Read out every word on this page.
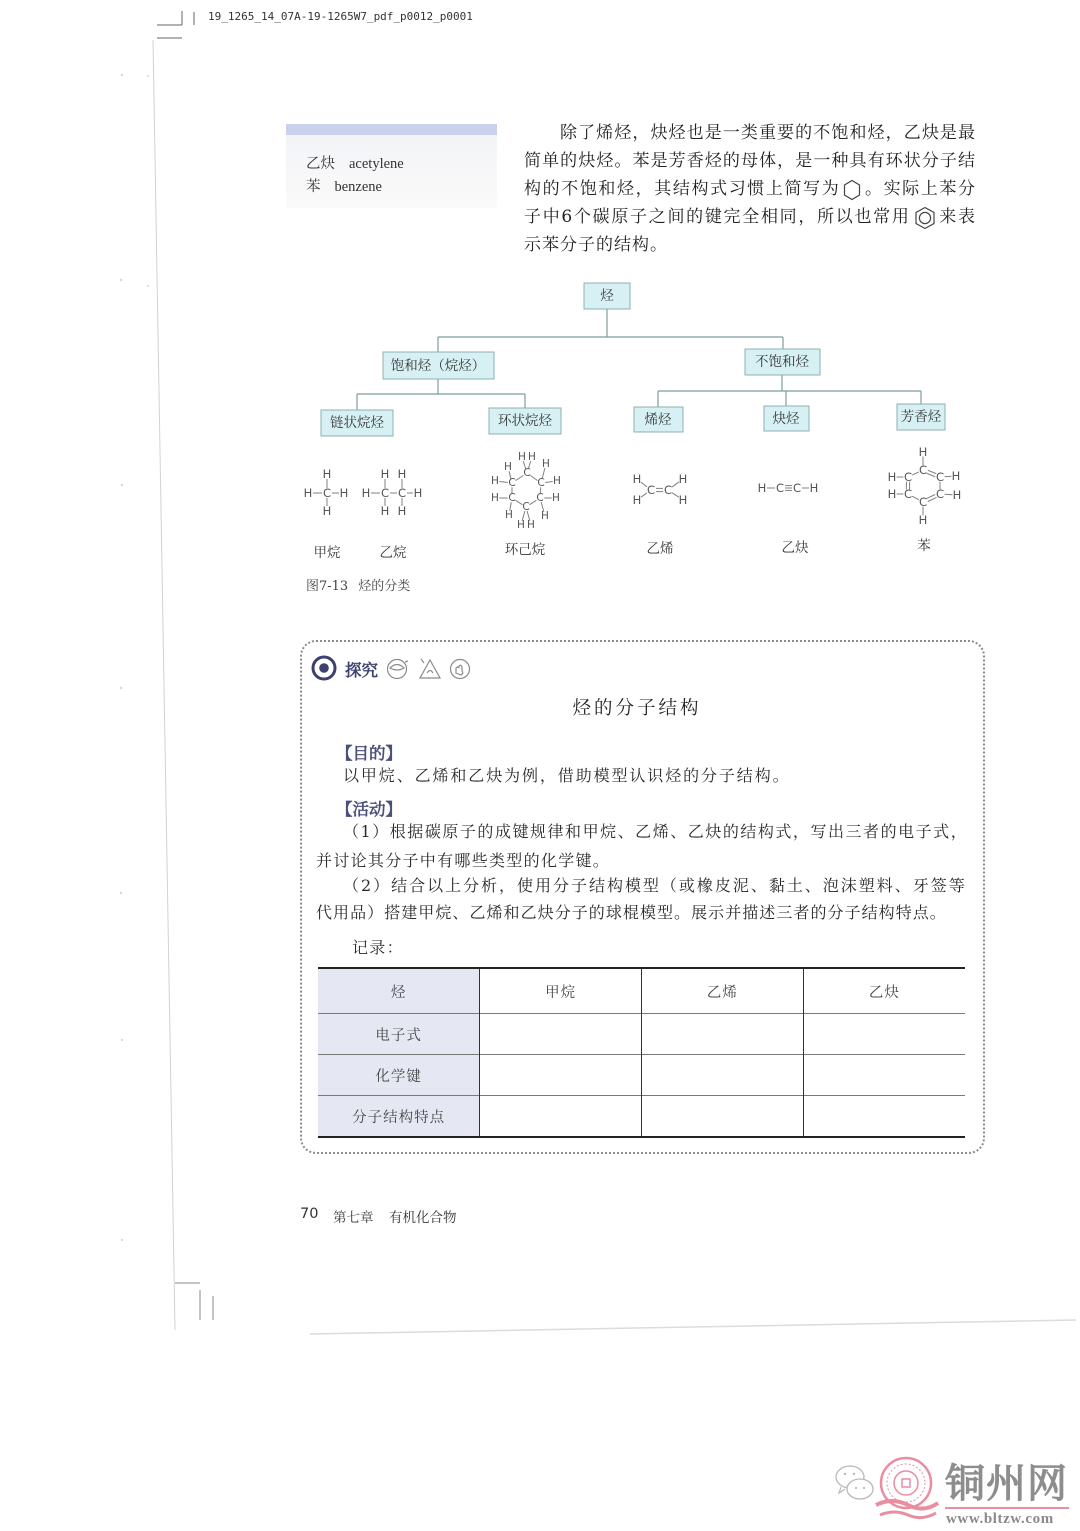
19_1265_14_07A-19-1265W7_pdf_p0012_p0001
乙炔 acetylene
苯 benzene
除了烯烃，炔烃也是一类重要的不饱和烃，乙炔是最
简单的炔烃。苯是芳香烃的母体，是一种具有环状分子结
构的不饱和烃，其结构式习惯上简写为 。实际上苯分
子中6个碳原子之间的键完全相同，所以也常用 来表
示苯分子的结构。
烃
饱和烃（烷烃）	不饱和烃
链状烷烃	环状烷烃	烯烃	炔烃	芳香烃
H
H C H
H
H H
H C C H
H H
C
C C
C C
C
H H
H
H
H
H
H
H
H
H
H H
H
H
C C
H
H
H C C H
C
C C
C C
C
H
H	H
H	H
H
甲烷	乙烷	环己烷	乙烯	乙炔	苯
图7-13 烃的分类
探究
烃的分子结构
【目的】
以甲烷、乙烯和乙炔为例，借助模型认识烃的分子结构。
【活动】
（1）根据碳原子的成键规律和甲烷、乙烯、乙炔的结构式，写出三者的电子式，
并讨论其分子中有哪些类型的化学键。
（2）结合以上分析，使用分子结构模型（或橡皮泥、黏土、泡沫塑料、牙签等
代用品）搭建甲烷、乙烯和乙炔分子的球棍模型。展示并描述三者的分子结构特点。
记录：
烃	甲烷	乙烯	乙炔
电子式			
化学键			
分子结构特点			
70 第七章 有机化合物
铜州网
www.bltzw.com
